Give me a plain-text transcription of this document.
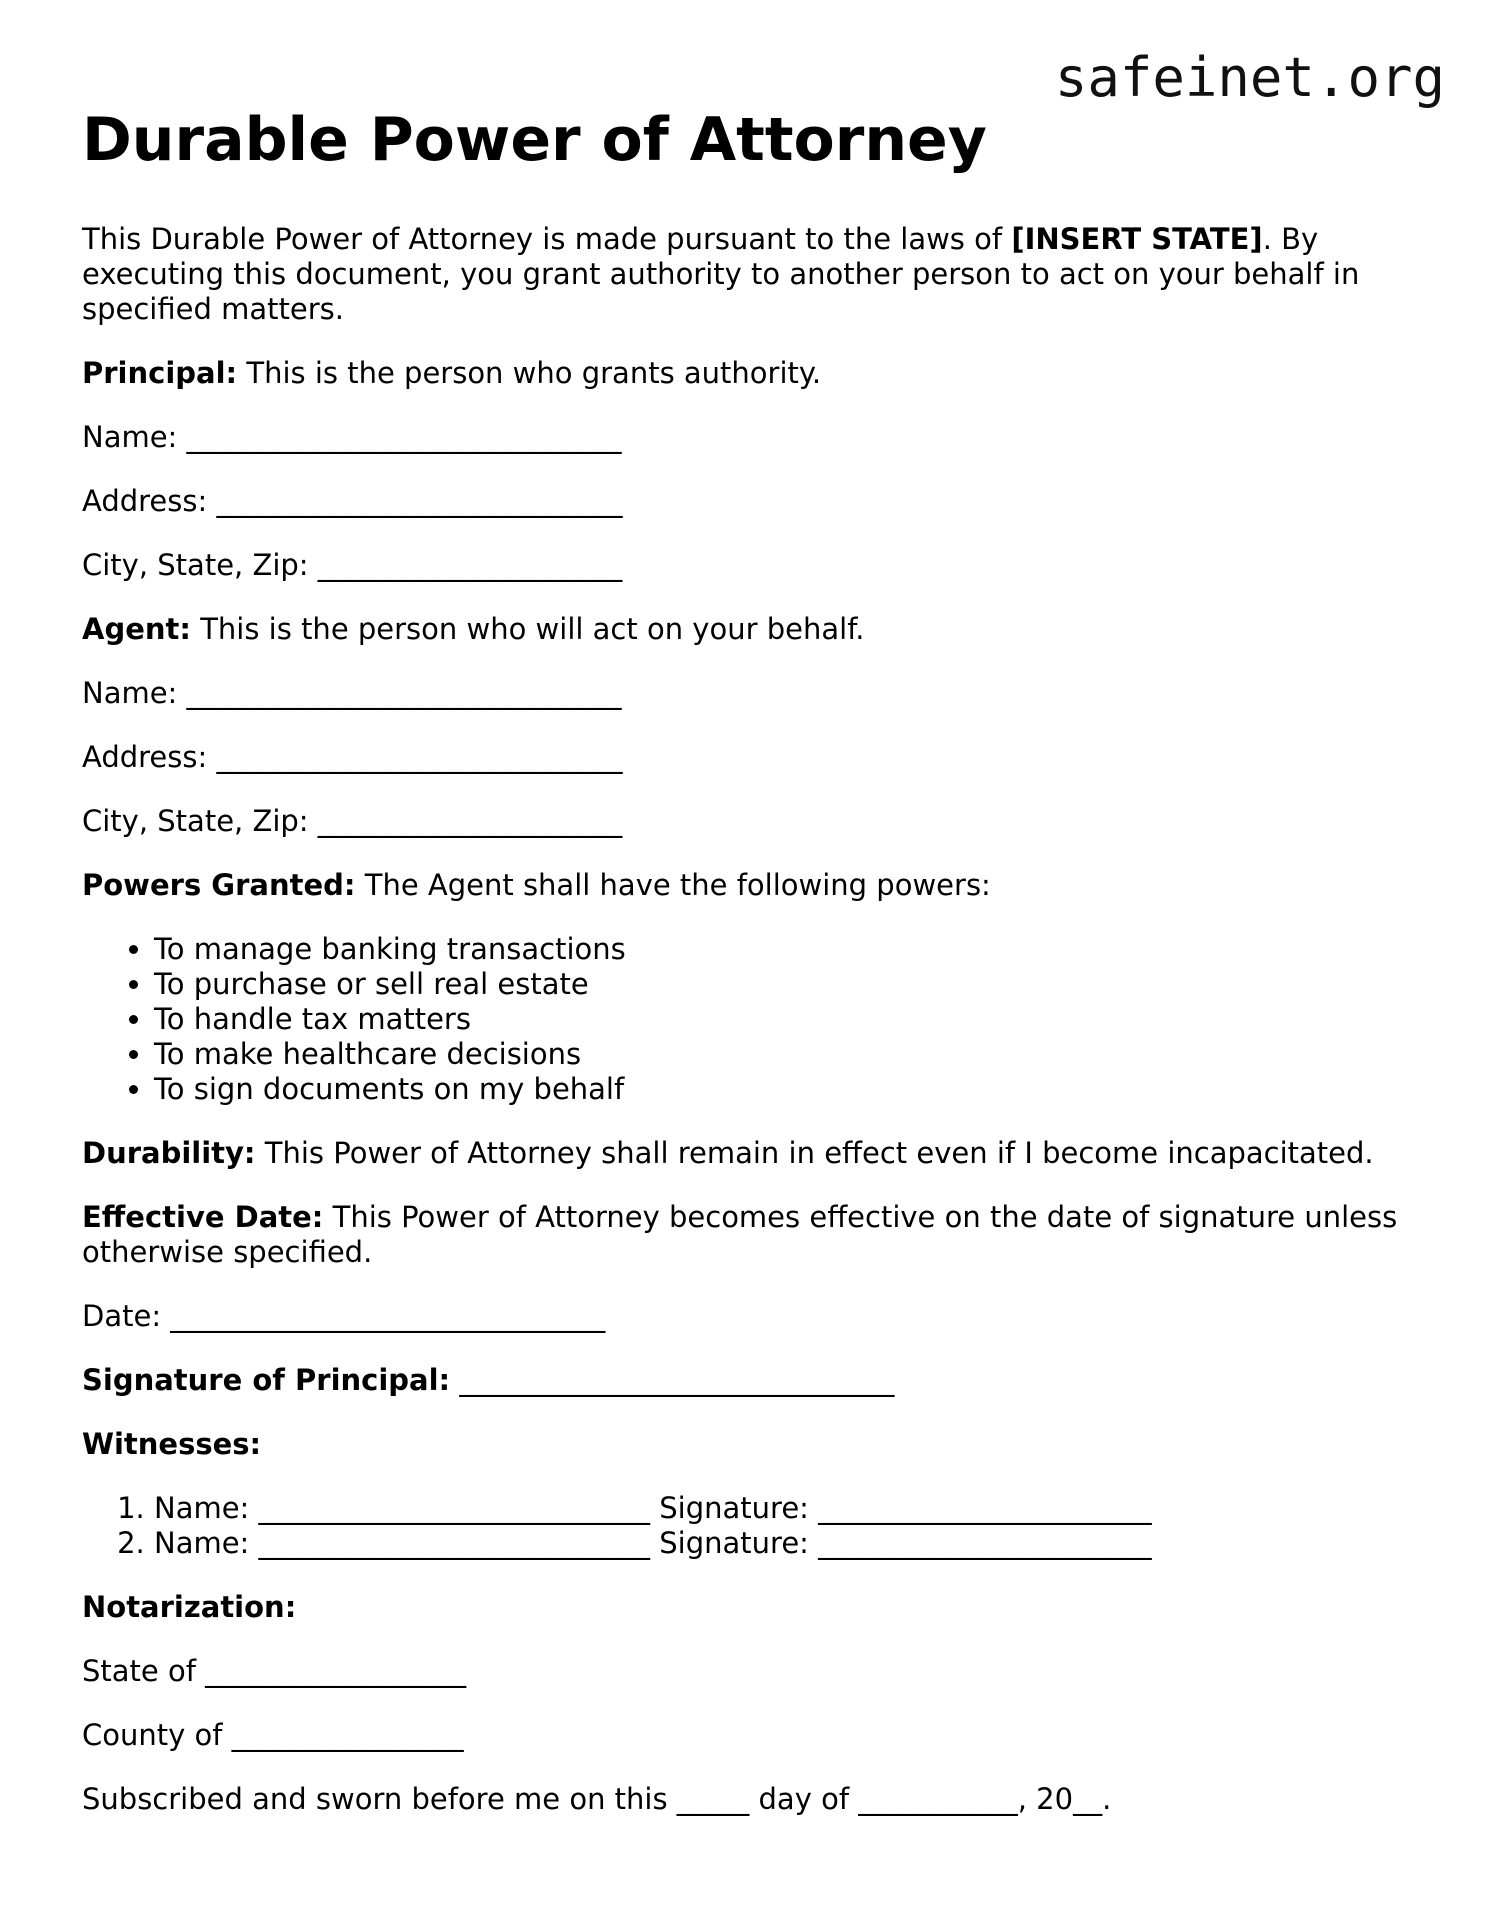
safeinet.org
Durable Power of Attorney

This Durable Power of Attorney is made pursuant to the laws of [INSERT STATE]. By executing this document, you grant authority to another person to act on your behalf in specified matters.

Principal: This is the person who grants authority.

Name: ______________________________

Address: ____________________________

City, State, Zip: _____________________

Agent: This is the person who will act on your behalf.

Name: ______________________________

Address: ____________________________

City, State, Zip: _____________________

Powers Granted: The Agent shall have the following powers:

• To manage banking transactions
• To purchase or sell real estate
• To handle tax matters
• To make healthcare decisions
• To sign documents on my behalf

Durability: This Power of Attorney shall remain in effect even if I become incapacitated.

Effective Date: This Power of Attorney becomes effective on the date of signature unless otherwise specified.

Date: ______________________________

Signature of Principal: ______________________________

Witnesses:

1. Name: ___________________________ Signature: _______________________
2. Name: ___________________________ Signature: _______________________

Notarization:

State of __________________

County of ________________

Subscribed and sworn before me on this _____ day of ___________, 20__.
